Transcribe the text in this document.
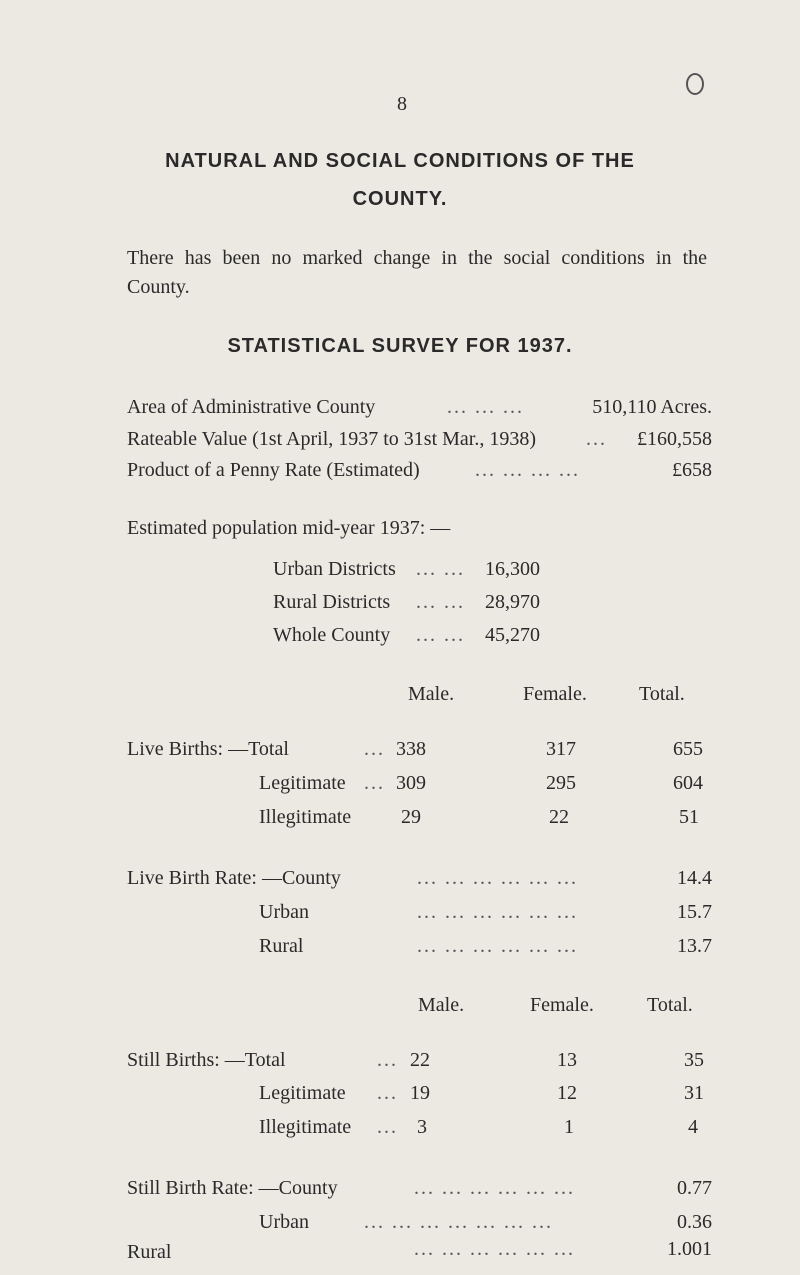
8
NATURAL AND SOCIAL CONDITIONS OF THE
COUNTY.
There has been no marked change in the social conditions in the County.
STATISTICAL SURVEY FOR 1937.
Area of Administrative County	... ... ...	510,110 Acres.
Rateable Value (1st April, 1937 to 31st Mar., 1938) ...	£160,558
Product of a Penny Rate (Estimated)	... ... ... ...	£658
Estimated population mid-year 1937: —
Urban Districts ... ...	16,300
Rural Districts ... ...	28,970
Whole County ... ...	45,270
Male.	Female.	Total.
Live Births: —Total	... 338	317	655
Legitimate ... 309	295	604
Illegitimate 29	22	51
Live Birth Rate: —County	... ... ... ... ... ...	14.4
Urban	... ... ... ... ... ...	15.7
Rural	... ... ... ... ... ...	13.7
Male.	Female.	Total.
Still Births: —Total	... 22	13	35
Legitimate ... 19	12	31
Illegitimate ... 3	1	4
Still Birth Rate: —County	... ... ... ... ... ...	0.77
Urban	... ... ... ... ... ... ...	0.36
Rural	... ... ... ... ... ...	1.001
